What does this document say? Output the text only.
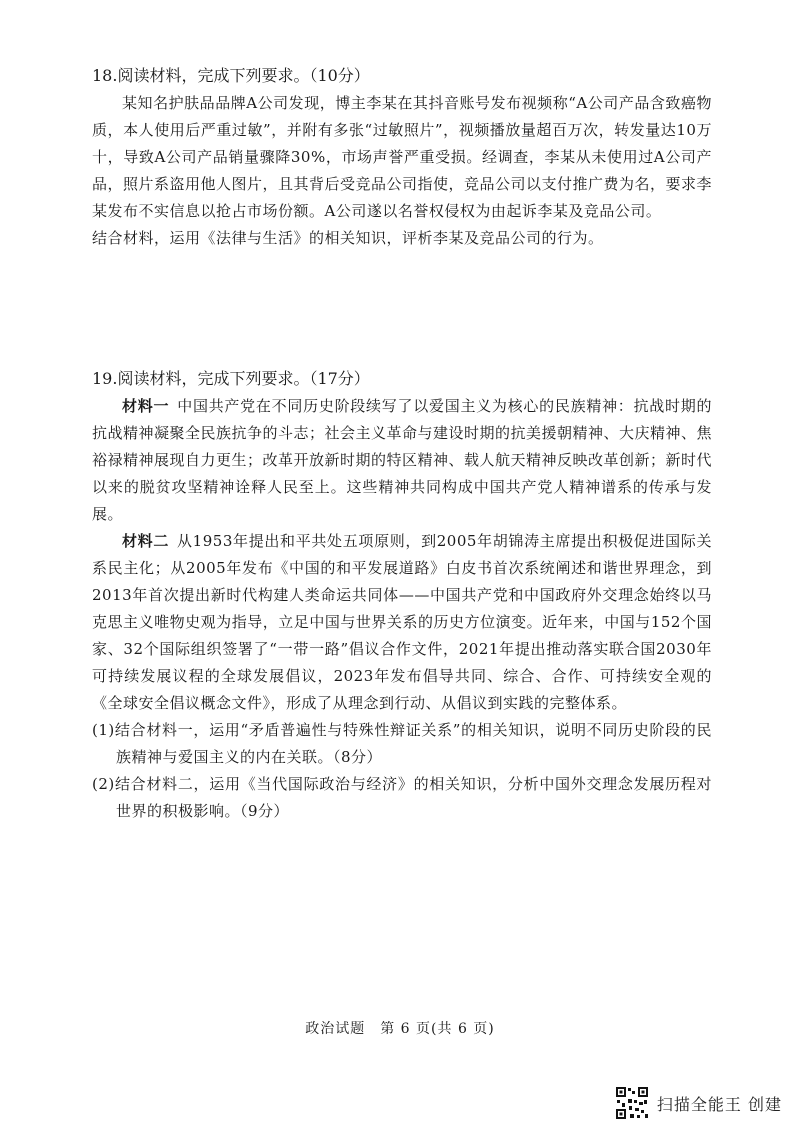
18.阅读材料，完成下列要求。（10分）

某知名护肤品品牌A公司发现，博主李某在其抖音账号发布视频称“A公司产品含致癌物质，本人使用后严重过敏”，并附有多张“过敏照片”，视频播放量超百万次，转发量达10万十，导致A公司产品销量骤降30%，市场声誉严重受损。经调查，李某从未使用过A公司产品，照片系盗用他人图片，且其背后受竞品公司指使，竞品公司以支付推广费为名，要求李某发布不实信息以抢占市场份额。A公司遂以名誉权侵权为由起诉李某及竞品公司。

结合材料，运用《法律与生活》的相关知识，评析李某及竞品公司的行为。

19.阅读材料，完成下列要求。（17分）

材料一 中国共产党在不同历史阶段续写了以爱国主义为核心的民族精神：抗战时期的抗战精神凝聚全民族抗争的斗志；社会主义革命与建设时期的抗美援朝精神、大庆精神、焦裕禄精神展现自力更生；改革开放新时期的特区精神、载人航天精神反映改革创新；新时代以来的脱贫攻坚精神诠释人民至上。这些精神共同构成中国共产党人精神谱系的传承与发展。

材料二 从1953年提出和平共处五项原则，到2005年胡锦涛主席提出积极促进国际关系民主化；从2005年发布《中国的和平发展道路》白皮书首次系统阐述和谐世界理念，到2013年首次提出新时代构建人类命运共同体——中国共产党和中国政府外交理念始终以马克思主义唯物史观为指导，立足中国与世界关系的历史方位演变。近年来，中国与152个国家、32个国际组织签署了“一带一路”倡议合作文件，2021年提出推动落实联合国2030年可持续发展议程的全球发展倡议，2023年发布倡导共同、综合、合作、可持续安全观的《全球安全倡议概念文件》，形成了从理念到行动、从倡议到实践的完整体系。

(1)结合材料一，运用“矛盾普遍性与特殊性辩证关系”的相关知识，说明不同历史阶段的民族精神与爱国主义的内在关联。（8分）

(2)结合材料二，运用《当代国际政治与经济》的相关知识，分析中国外交理念发展历程对世界的积极影响。（9分）

政治试题　第 6 页(共 6 页)
扫描全能王 创建
